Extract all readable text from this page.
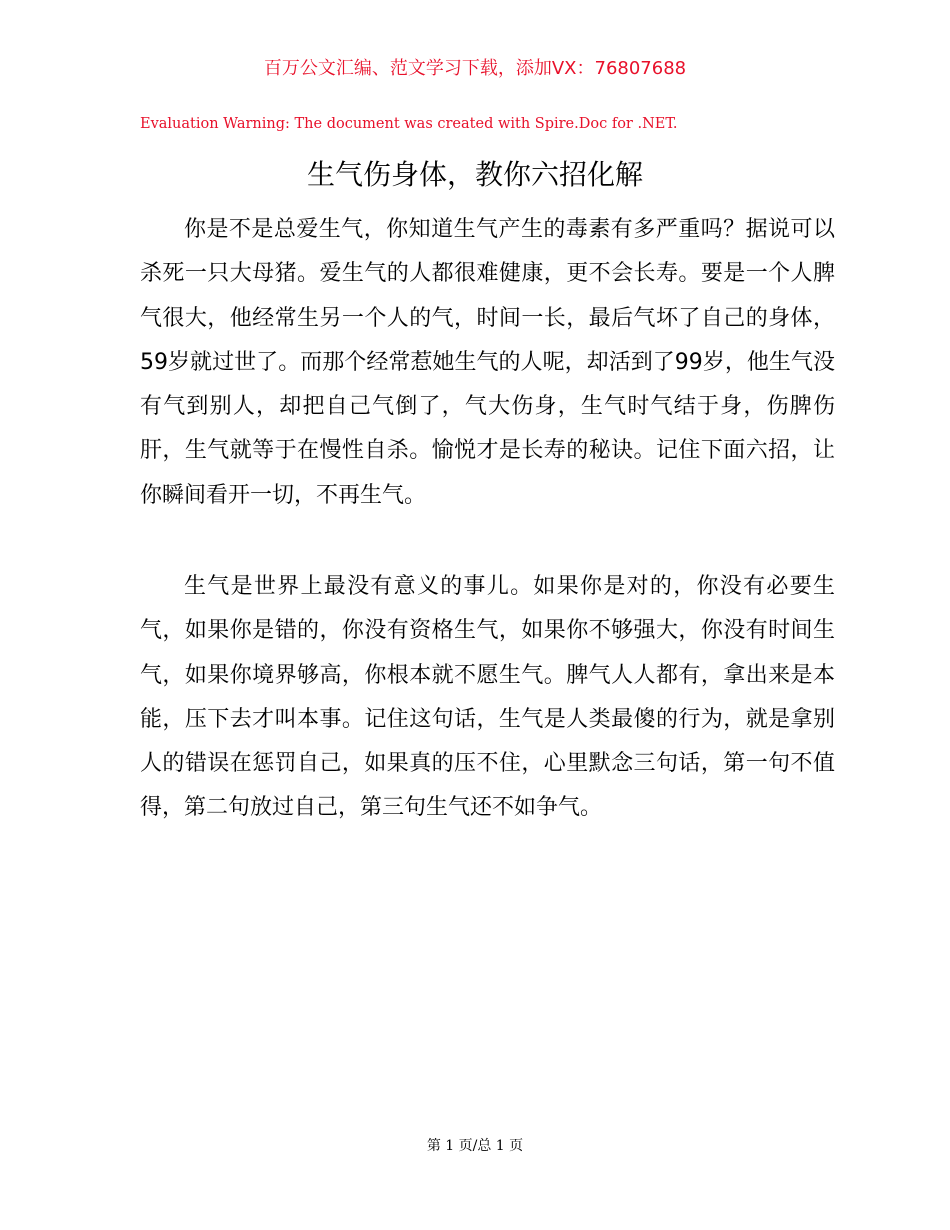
百万公文汇编、范文学习下载，添加VX：76807688
Evaluation Warning: The document was created with Spire.Doc for .NET.
生气伤身体，教你六招化解

你是不是总爱生气，你知道生气产生的毒素有多严重吗？据说可以杀死一只大母猪。爱生气的人都很难健康，更不会长寿。要是一个人脾气很大，他经常生另一个人的气，时间一长，最后气坏了自己的身体，59岁就过世了。而那个经常惹她生气的人呢，却活到了99岁，他生气没有气到别人，却把自己气倒了，气大伤身，生气时气结于身，伤脾伤肝，生气就等于在慢性自杀。愉悦才是长寿的秘诀。记住下面六招，让你瞬间看开一切，不再生气。

生气是世界上最没有意义的事儿。如果你是对的，你没有必要生气，如果你是错的，你没有资格生气，如果你不够强大，你没有时间生气，如果你境界够高，你根本就不愿生气。脾气人人都有，拿出来是本能，压下去才叫本事。记住这句话，生气是人类最傻的行为，就是拿别人的错误在惩罚自己，如果真的压不住，心里默念三句话，第一句不值得，第二句放过自己，第三句生气还不如争气。

第 1 页/总 1 页
